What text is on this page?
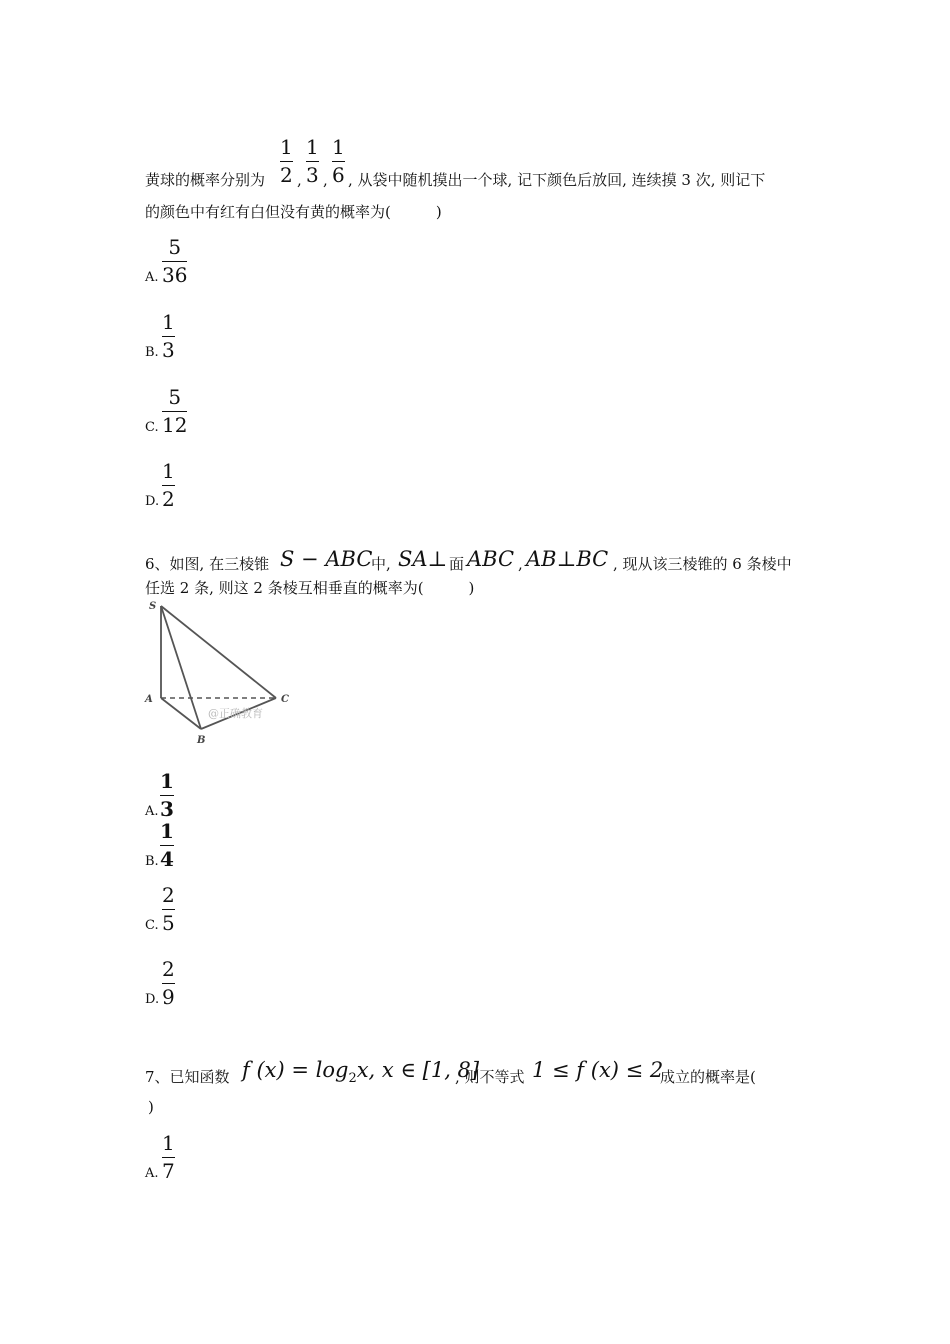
黄球的概率分别为
1
2 ,
1
3 ,
1
6 , 从袋中随机摸出一个球, 记下颜色后放回, 连续摸 3 次, 则记下
的颜色中有红有白但没有黄的概率为(　　　)
A.
5
36
B.
1
3
C.
5
12
D.
1
2
6、如图, 在三棱锥 S − ABC
中, SA⊥ 面 ABC , AB⊥BC , 现从该三棱锥的 6 条棱中
任选 2 条, 则这 2 条棱互相垂直的概率为(　　　)
S
A
B
C
@正确教育
A.
1
3
B.
1
4
C.
2
5
D.
2
9
7、已知函数 f $(x) = \log_2x$, x ∈ [1, 8]
, 则不等式 1 ≤ f (x) ≤ 2
成立的概率是(
)
A.
1
7
